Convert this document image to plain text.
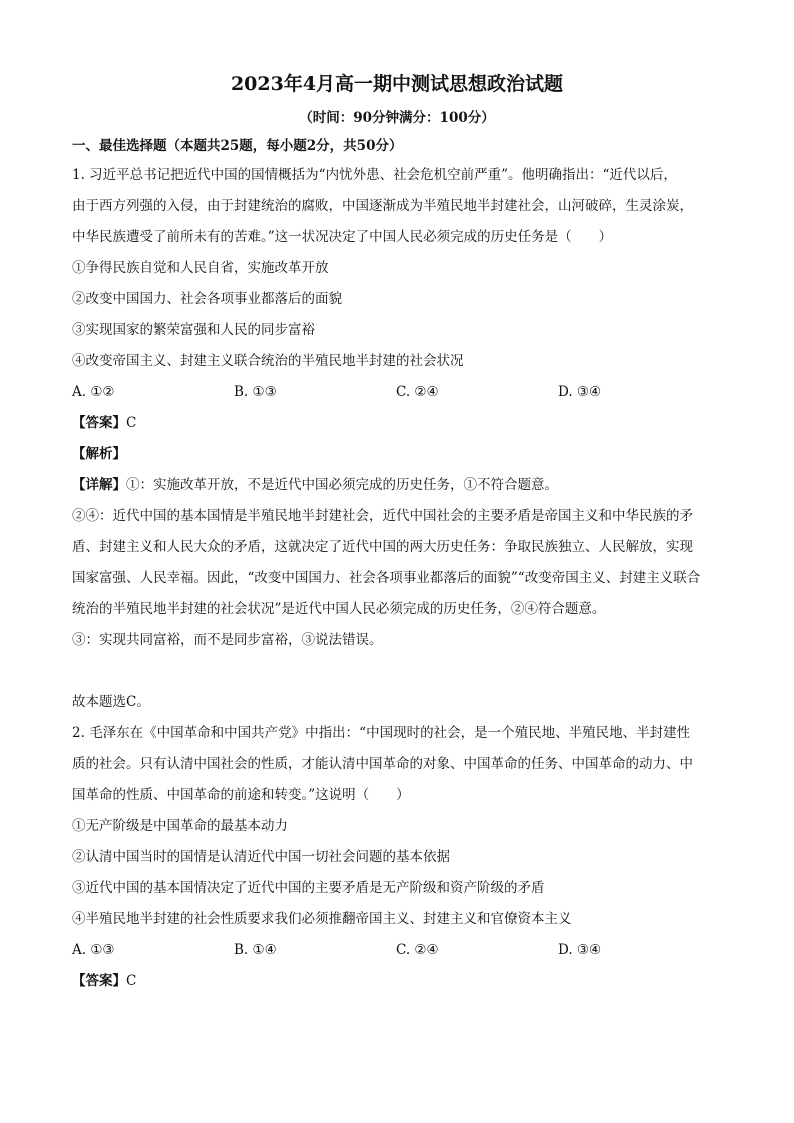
2023年4月高一期中测试思想政治试题
（时间：90分钟满分：100分）
一、最佳选择题（本题共25题，每小题2分，共50分）

1. 习近平总书记把近代中国的国情概括为“内忧外患、社会危机空前严重”。他明确指出：“近代以后，

由于西方列强的入侵，由于封建统治的腐败，中国逐渐成为半殖民地半封建社会，山河破碎，生灵涂炭，

中华民族遭受了前所未有的苦难。”这一状况决定了中国人民必须完成的历史任务是（　　）

①争得民族自觉和人民自省，实施改革开放

②改变中国国力、社会各项事业都落后的面貌

③实现国家的繁荣富强和人民的同步富裕

④改变帝国主义、封建主义联合统治的半殖民地半封建的社会状况

A. ①②	B. ①③	C. ②④	D. ③④
【答案】C
【解析】

【详解】①：实施改革开放，不是近代中国必须完成的历史任务，①不符合题意。

②④：近代中国的基本国情是半殖民地半封建社会，近代中国社会的主要矛盾是帝国主义和中华民族的矛

盾、封建主义和人民大众的矛盾，这就决定了近代中国的两大历史任务：争取民族独立、人民解放，实现

国家富强、人民幸福。因此，“改变中国国力、社会各项事业都落后的面貌”“改变帝国主义、封建主义联合

统治的半殖民地半封建的社会状况”是近代中国人民必须完成的历史任务，②④符合题意。

③：实现共同富裕，而不是同步富裕，③说法错误。

故本题选C。

2. 毛泽东在《中国革命和中国共产党》中指出：“中国现时的社会，是一个殖民地、半殖民地、半封建性

质的社会。只有认清中国社会的性质，才能认清中国革命的对象、中国革命的任务、中国革命的动力、中

国革命的性质、中国革命的前途和转变。”这说明（　　）

①无产阶级是中国革命的最基本动力

②认清中国当时的国情是认清近代中国一切社会问题的基本依据

③近代中国的基本国情决定了近代中国的主要矛盾是无产阶级和资产阶级的矛盾

④半殖民地半封建的社会性质要求我们必须推翻帝国主义、封建主义和官僚资本主义

A. ①③	B. ①④	C. ②④	D. ③④
【答案】C
